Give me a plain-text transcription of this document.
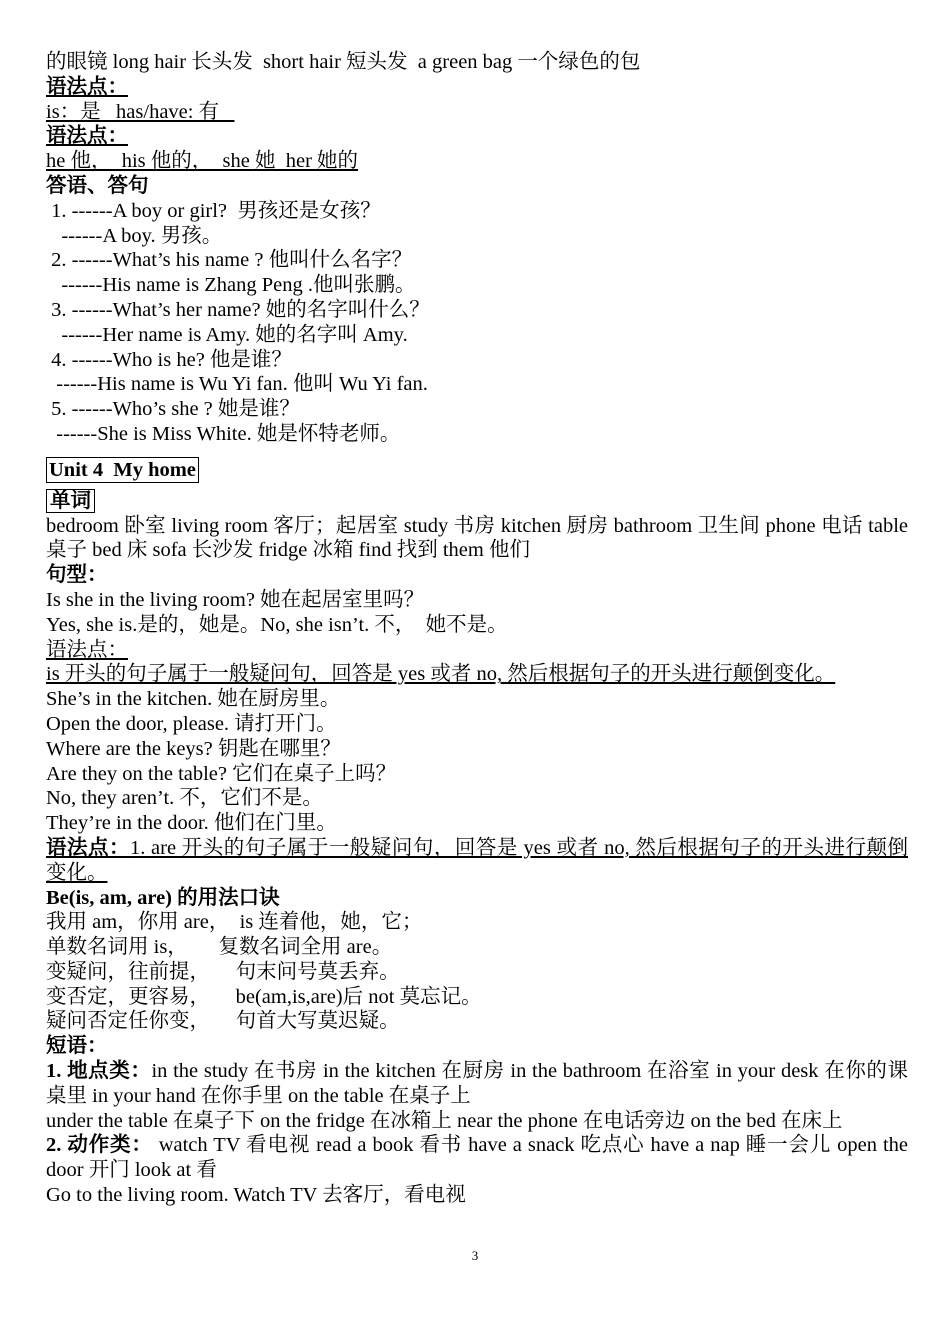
的眼镜 long hair 长头发  short hair 短头发  a green bag 一个绿色的包
语法点：
is：是   has/have: 有
语法点：
he 他，  his 他的，  she 她  her 她的
答语、答句
1. ------A boy or girl?  男孩还是女孩？
------A boy. 男孩。
2. ------What’s his name ? 他叫什么名字？
------His name is Zhang Peng .他叫张鹏。
3. ------What’s her name? 她的名字叫什么？
------Her name is Amy. 她的名字叫 Amy.
4. ------Who is he? 他是谁？
------His name is Wu Yi fan. 他叫 Wu Yi fan.
5. ------Who’s she ? 她是谁？
------She is Miss White. 她是怀特老师。
Unit 4  My home
单词
bedroom 卧室 living room 客厅；起居室 study 书房 kitchen 厨房 bathroom 卫生间 phone 电话 table 桌子 bed 床 sofa 长沙发 fridge 冰箱 find 找到 them 他们
句型：
Is she in the living room? 她在起居室里吗？
Yes, she is.是的，她是。No, she isn’t. 不，  她不是。
语法点：
is 开头的句子属于一般疑问句，回答是 yes 或者 no, 然后根据句子的开头进行颠倒变化。
She’s in the kitchen. 她在厨房里。
Open the door, please. 请打开门。
Where are the keys? 钥匙在哪里？
Are they on the table? 它们在桌子上吗？
No, they aren’t. 不，它们不是。
They’re in the door. 他们在门里。
语法点：1. are 开头的句子属于一般疑问句，回答是 yes 或者 no, 然后根据句子的开头进行颠倒变化。
Be(is, am, are) 的用法口诀
我用 am，你用 are，  is 连着他，她，它；
单数名词用 is，      复数名词全用 are。
变疑问，往前提，     句末问号莫丢弃。
变否定，更容易，     be(am,is,are)后 not 莫忘记。
疑问否定任你变，     句首大写莫迟疑。
短语：
1. 地点类：in the study 在书房 in the kitchen 在厨房 in the bathroom 在浴室 in your desk 在你的课桌里 in your hand 在你手里 on the table 在桌子上
under the table 在桌子下 on the fridge 在冰箱上 near the phone 在电话旁边 on the bed 在床上
2. 动作类： watch TV 看电视 read a book 看书 have a snack 吃点心 have a nap 睡一会儿 open the door 开门 look at 看
Go to the living room. Watch TV 去客厅，看电视
3
